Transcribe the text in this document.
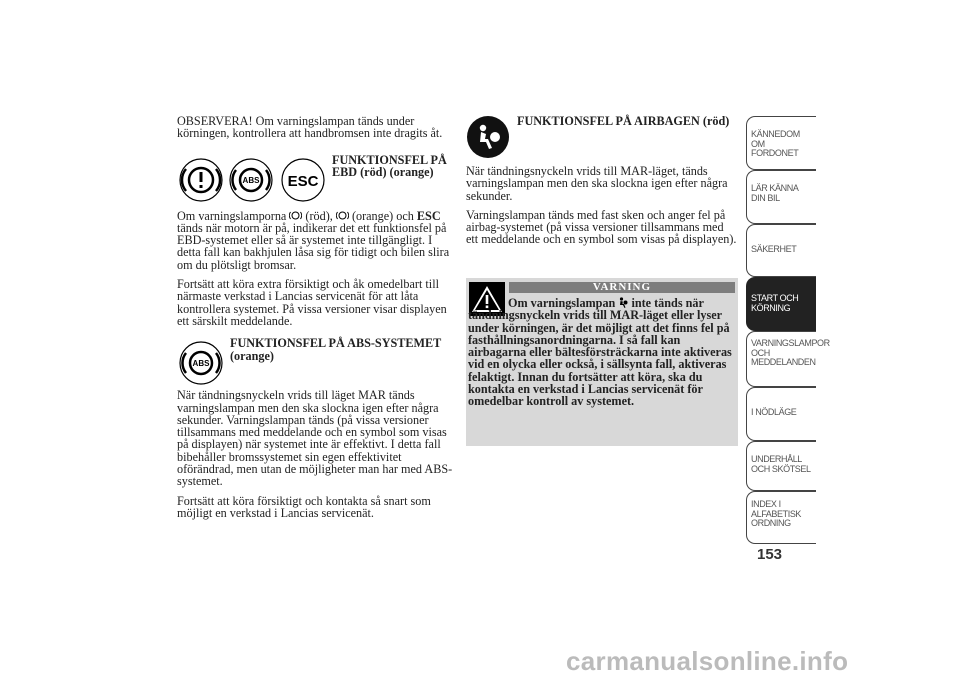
OBSERVERA! Om varningslampan tänds under körningen, kontrollera att handbromsen inte dragits åt.

ABS ESC
FUNKTIONSFEL PÅ
EBD (röd) (orange)

Om varningslamporna (röd), (orange) och ESC tänds när motorn är på, indikerar det ett funktionsfel på EBD-systemet eller så är systemet inte tillgängligt. I detta fall kan bakhjulen låsa sig för tidigt och bilen slira om du plötsligt bromsar.

Fortsätt att köra extra försiktigt och åk omedelbart till närmaste verkstad i Lancias servicenät för att låta kontrollera systemet. På vissa versioner visar displayen ett särskilt meddelande.

ABS
FUNKTIONSFEL PÅ ABS-SYSTEMET
(orange)

När tändningsnyckeln vrids till läget MAR tänds varningslampan men den ska slockna igen efter några sekunder. Varningslampan tänds (på vissa versioner tillsammans med meddelande och en symbol som visas på displayen) när systemet inte är effektivt. I detta fall bibehåller bromssystemet sin egen effektivitet oförändrad, men utan de möjligheter man har med ABS-systemet.

Fortsätt att köra försiktigt och kontakta så snart som möjligt en verkstad i Lancias servicenät.

FUNKTIONSFEL PÅ AIRBAGEN (röd)

När tändningsnyckeln vrids till MAR-läget, tänds varningslampan men den ska slockna igen efter några sekunder.

Varningslampan tänds med fast sken och anger fel på airbag-systemet (på vissa versioner tillsammans med ett meddelande och en symbol som visas på displayen).

VARNING
Om varningslampan inte tänds när tändningsnyckeln vrids till MAR-läget eller lyser under körningen, är det möjligt att det finns fel på fasthållningsanordningarna. I så fall kan airbagarna eller bältesförsträckarna inte aktiveras vid en olycka eller också, i sällsynta fall, aktiveras felaktigt. Innan du fortsätter att köra, ska du kontakta en verkstad i Lancias servicenät för omedelbar kontroll av systemet.
KÄNNEDOM OM FORDONET
LÄR KÄNNA DIN BIL
SÄKERHET
START OCH KÖRNING
VARNINGSLAMPOR OCH MEDDELANDEN
I NÖDLÄGE
UNDERHÅLL OCH SKÖTSEL
INDEX I ALFABETISK ORDNING
153
carmanualsonline.info
